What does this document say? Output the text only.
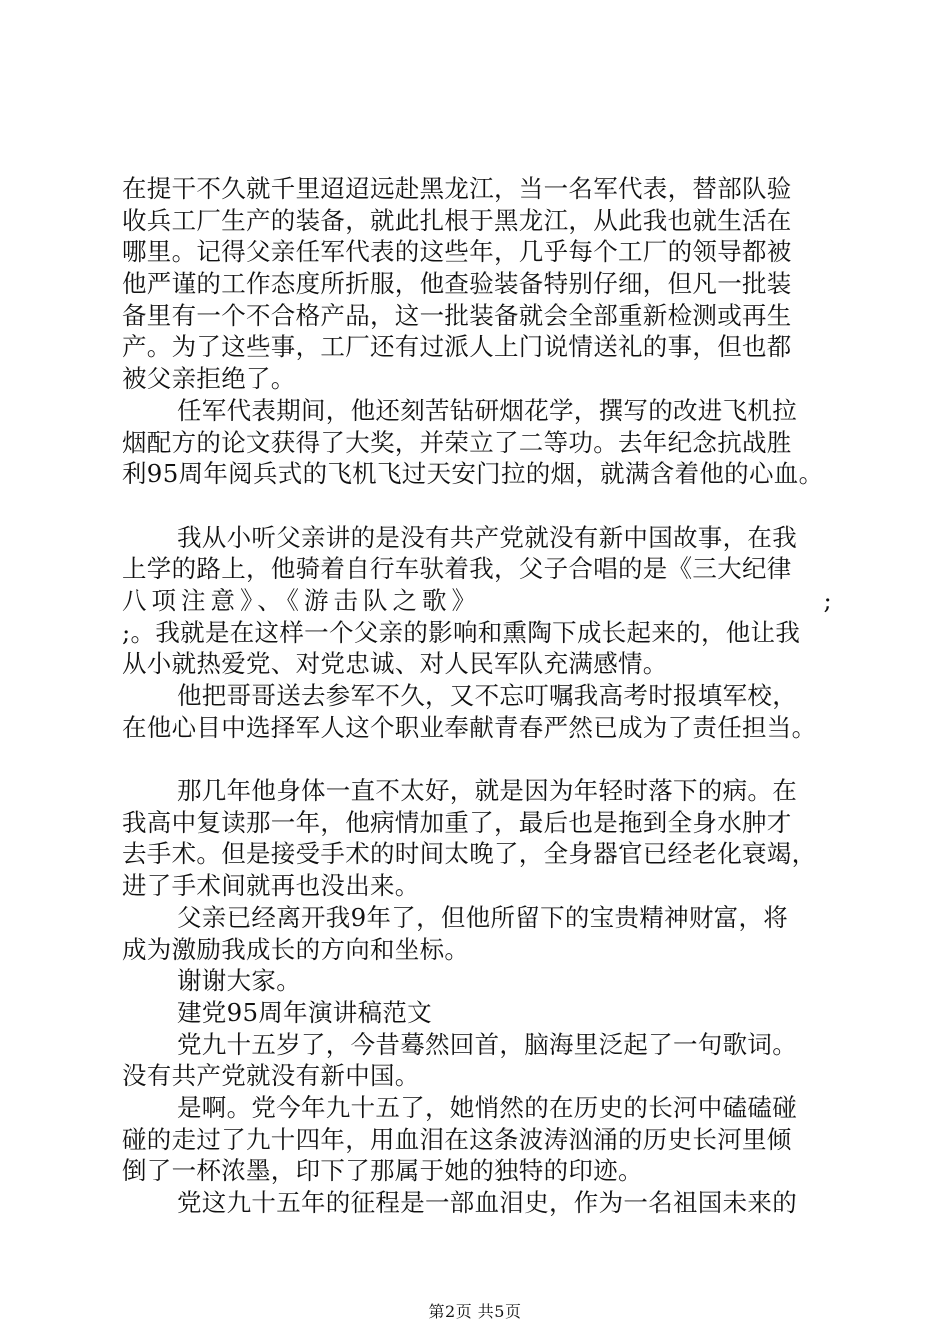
在提干不久就千里迢迢远赴黑龙江，当一名军代表，替部队验
收兵工厂生产的装备，就此扎根于黑龙江，从此我也就生活在
哪里。记得父亲任军代表的这些年，几乎每个工厂的领导都被
他严谨的工作态度所折服，他查验装备特别仔细，但凡一批装
备里有一个不合格产品，这一批装备就会全部重新检测或再生
产。为了这些事，工厂还有过派人上门说情送礼的事，但也都
被父亲拒绝了。
任军代表期间，他还刻苦钻研烟花学，撰写的改进飞机拉
烟配方的论文获得了大奖，并荣立了二等功。去年纪念抗战胜
利95周年阅兵式的飞机飞过天安门拉的烟，就满含着他的心血。
我从小听父亲讲的是没有共产党就没有新中国故事，在我
上学的路上，他骑着自行车驮着我，父子合唱的是《三大纪律
八项注意》、《游击队之歌》	;
;。我就是在这样一个父亲的影响和熏陶下成长起来的，他让我
从小就热爱党、对党忠诚、对人民军队充满感情。
他把哥哥送去参军不久，又不忘叮嘱我高考时报填军校，
在他心目中选择军人这个职业奉献青春严然已成为了责任担当。
那几年他身体一直不太好，就是因为年轻时落下的病。在
我高中复读那一年，他病情加重了，最后也是拖到全身水肿才
去手术。但是接受手术的时间太晚了，全身器官已经老化衰竭，
进了手术间就再也没出来。
父亲已经离开我9年了，但他所留下的宝贵精神财富，将
成为激励我成长的方向和坐标。
谢谢大家。
建党95周年演讲稿范文
党九十五岁了，今昔蓦然回首，脑海里泛起了一句歌词。
没有共产党就没有新中国。
是啊。党今年九十五了，她悄然的在历史的长河中磕磕碰
碰的走过了九十四年，用血泪在这条波涛汹涌的历史长河里倾
倒了一杯浓墨，印下了那属于她的独特的印迹。
党这九十五年的征程是一部血泪史，作为一名祖国未来的
第2页 共5页
